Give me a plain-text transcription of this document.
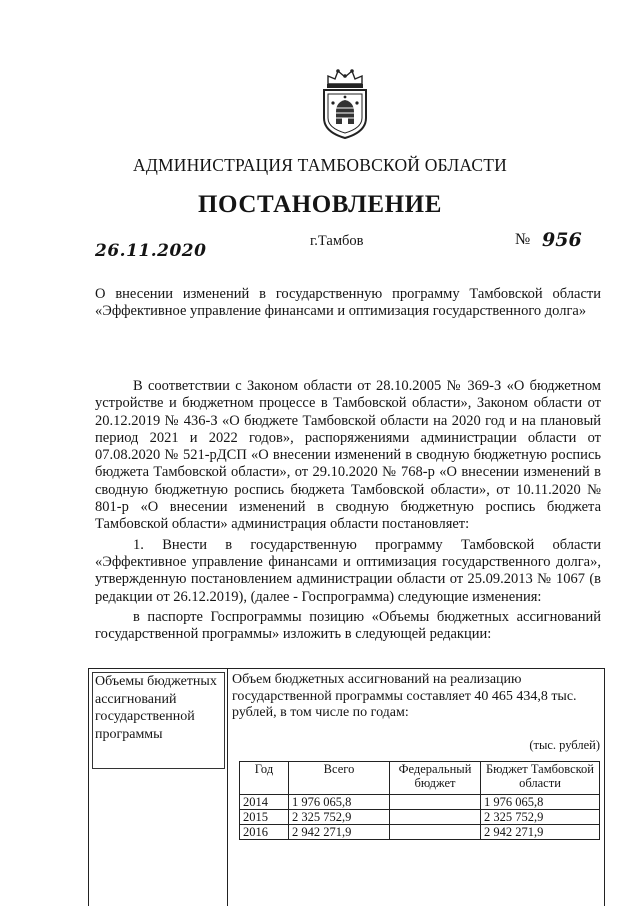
АДМИНИСТРАЦИЯ ТАМБОВСКОЙ ОБЛАСТИ
ПОСТАНОВЛЕНИЕ
26.11.2020	г.Тамбов	№ 956
О внесении изменений в государственную программу Тамбовской области «Эффективное управление финансами и оптимизация государственного долга»

В соответствии с Законом области от 28.10.2005 № 369-З «О бюджетном устройстве и бюджетном процессе в Тамбовской области», Законом области от 20.12.2019 № 436-З «О бюджете Тамбовской области на 2020 год и на плановый период 2021 и 2022 годов», распоряжениями администрации области от 07.08.2020 № 521-рДСП «О внесении изменений в сводную бюджетную роспись бюджета Тамбовской области», от 29.10.2020 № 768-р «О внесении изменений в сводную бюджетную роспись бюджета Тамбовской области», от 10.11.2020 № 801-р «О внесении изменений в сводную бюджетную роспись бюджета Тамбовской области» администрация области постановляет:

1. Внести в государственную программу Тамбовской области «Эффективное управление финансами и оптимизация государственного долга», утвержденную постановлением администрации области от 25.09.2013 № 1067 (в редакции от 26.12.2019), (далее - Госпрограмма) следующие изменения:

в паспорте Госпрограммы позицию «Объемы бюджетных ассигнований государственной программы» изложить в следующей редакции:

Объемы бюджетных ассигнований государственной программы
Объем бюджетных ассигнований на реализацию государственной программы составляет 40 465 434,8 тыс. рублей, в том числе по годам:
(тыс. рублей)
Год	Всего	Федеральный бюджет	Бюджет Тамбовской области
2014	1 976 065,8		1 976 065,8
2015	2 325 752,9		2 325 752,9
2016	2 942 271,9		2 942 271,9
